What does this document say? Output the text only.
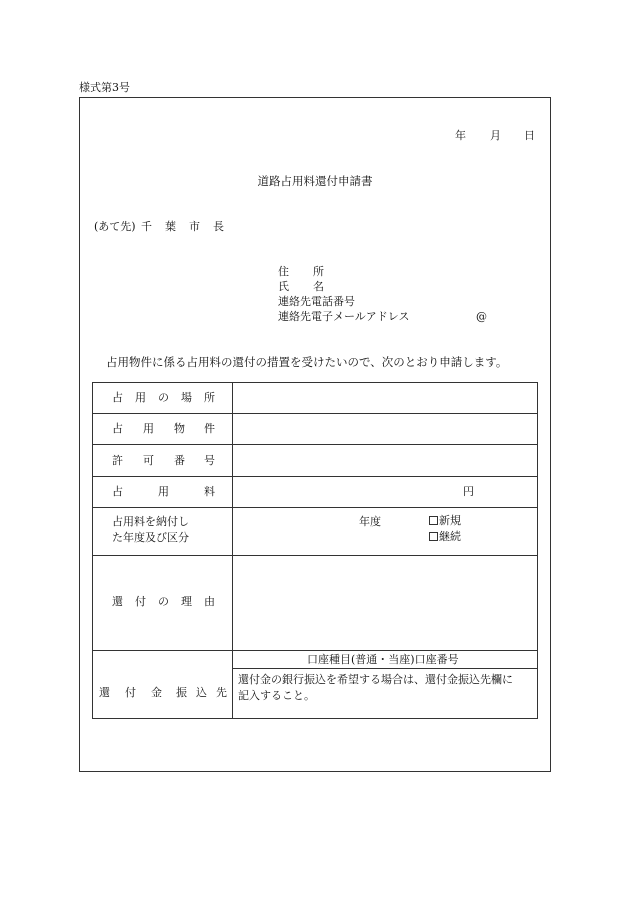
様式第3号
年 月 日
道路占用料還付申請書
(あて先) 千 葉 市 長
住 所
氏 名
連絡先電話番号
連絡先電子メールアドレス	@
占用物件に係る占用料の還付の措置を受けたいので、次のとおり申請します。
占 用 の 場 所
占 用 物 件
許 可 番 号
占	用	料	円
占用料を納付し
た年度及び区分
年度	新規
継続
還 付 の 理 由
還 付 金 振 込 先
口座種目(普通・当座)口座番号
還付金の銀行振込を希望する場合は、還付金振込先欄に
記入すること。
